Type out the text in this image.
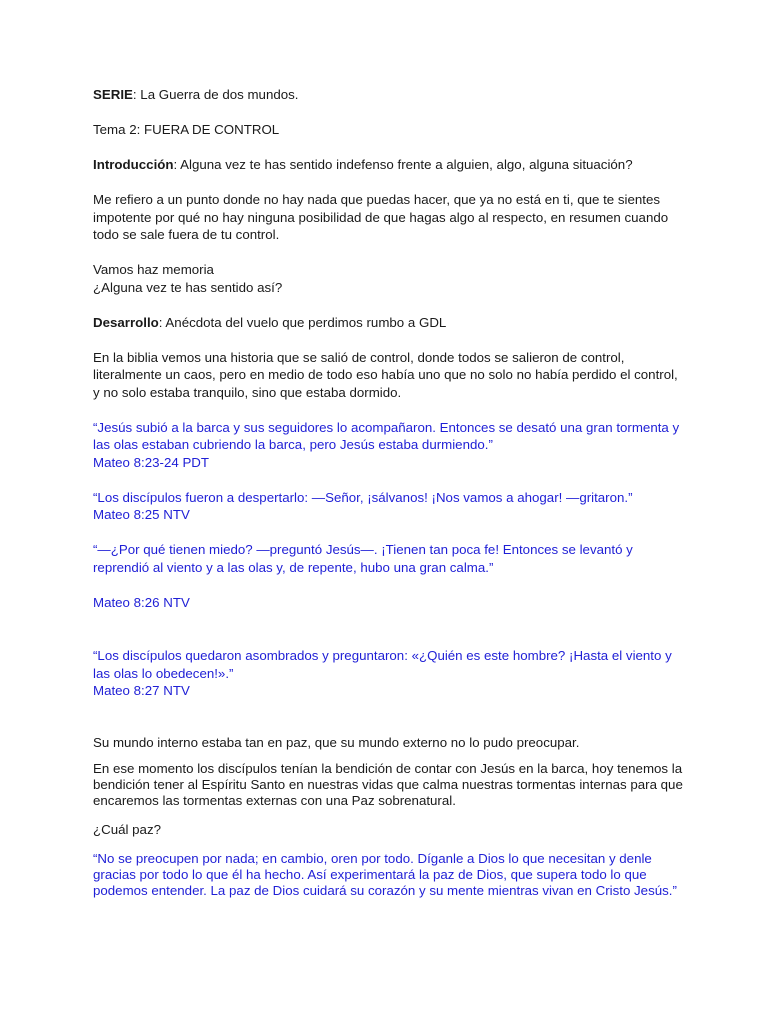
SERIE: La Guerra de dos mundos.

Tema 2: FUERA DE CONTROL

Introducción: Alguna vez te has sentido indefenso frente a alguien, algo, alguna situación?

Me refiero a un punto donde no hay nada que puedas hacer, que ya no está en ti, que te sientes impotente por qué no hay ninguna posibilidad de que hagas algo al respecto, en resumen cuando todo se sale fuera de tu control.

Vamos haz memoria

¿Alguna vez te has sentido así?

Desarrollo: Anécdota del vuelo que perdimos rumbo a GDL

En la biblia vemos una historia que se salió de control, donde todos se salieron de control, literalmente un caos, pero en medio de todo eso había uno que no solo no había perdido el control, y no solo estaba tranquilo, sino que estaba dormido.

“Jesús subió a la barca y sus seguidores lo acompañaron. Entonces se desató una gran tormenta y las olas estaban cubriendo la barca, pero Jesús estaba durmiendo.”

Mateo 8:23-24 PDT

“Los discípulos fueron a despertarlo: —Señor, ¡sálvanos! ¡Nos vamos a ahogar! —gritaron.”

Mateo 8:25 NTV

“—¿Por qué tienen miedo? —preguntó Jesús—. ¡Tienen tan poca fe! Entonces se levantó y reprendió al viento y a las olas y, de repente, hubo una gran calma.”

Mateo 8:26 NTV

“Los discípulos quedaron asombrados y preguntaron: «¿Quién es este hombre? ¡Hasta el viento y las olas lo obedecen!».”

Mateo 8:27 NTV

Su mundo interno estaba tan en paz, que su mundo externo no lo pudo preocupar.

En ese momento los discípulos tenían la bendición de contar con Jesús en la barca, hoy tenemos la bendición tener al Espíritu Santo en nuestras vidas que calma nuestras tormentas internas para que encaremos las tormentas externas con una Paz sobrenatural.

¿Cuál paz?

“No se preocupen por nada; en cambio, oren por todo. Díganle a Dios lo que necesitan y denle gracias por todo lo que él ha hecho. Así experimentará la paz de Dios, que supera todo lo que podemos entender. La paz de Dios cuidará su corazón y su mente mientras vivan en Cristo Jesús.”
